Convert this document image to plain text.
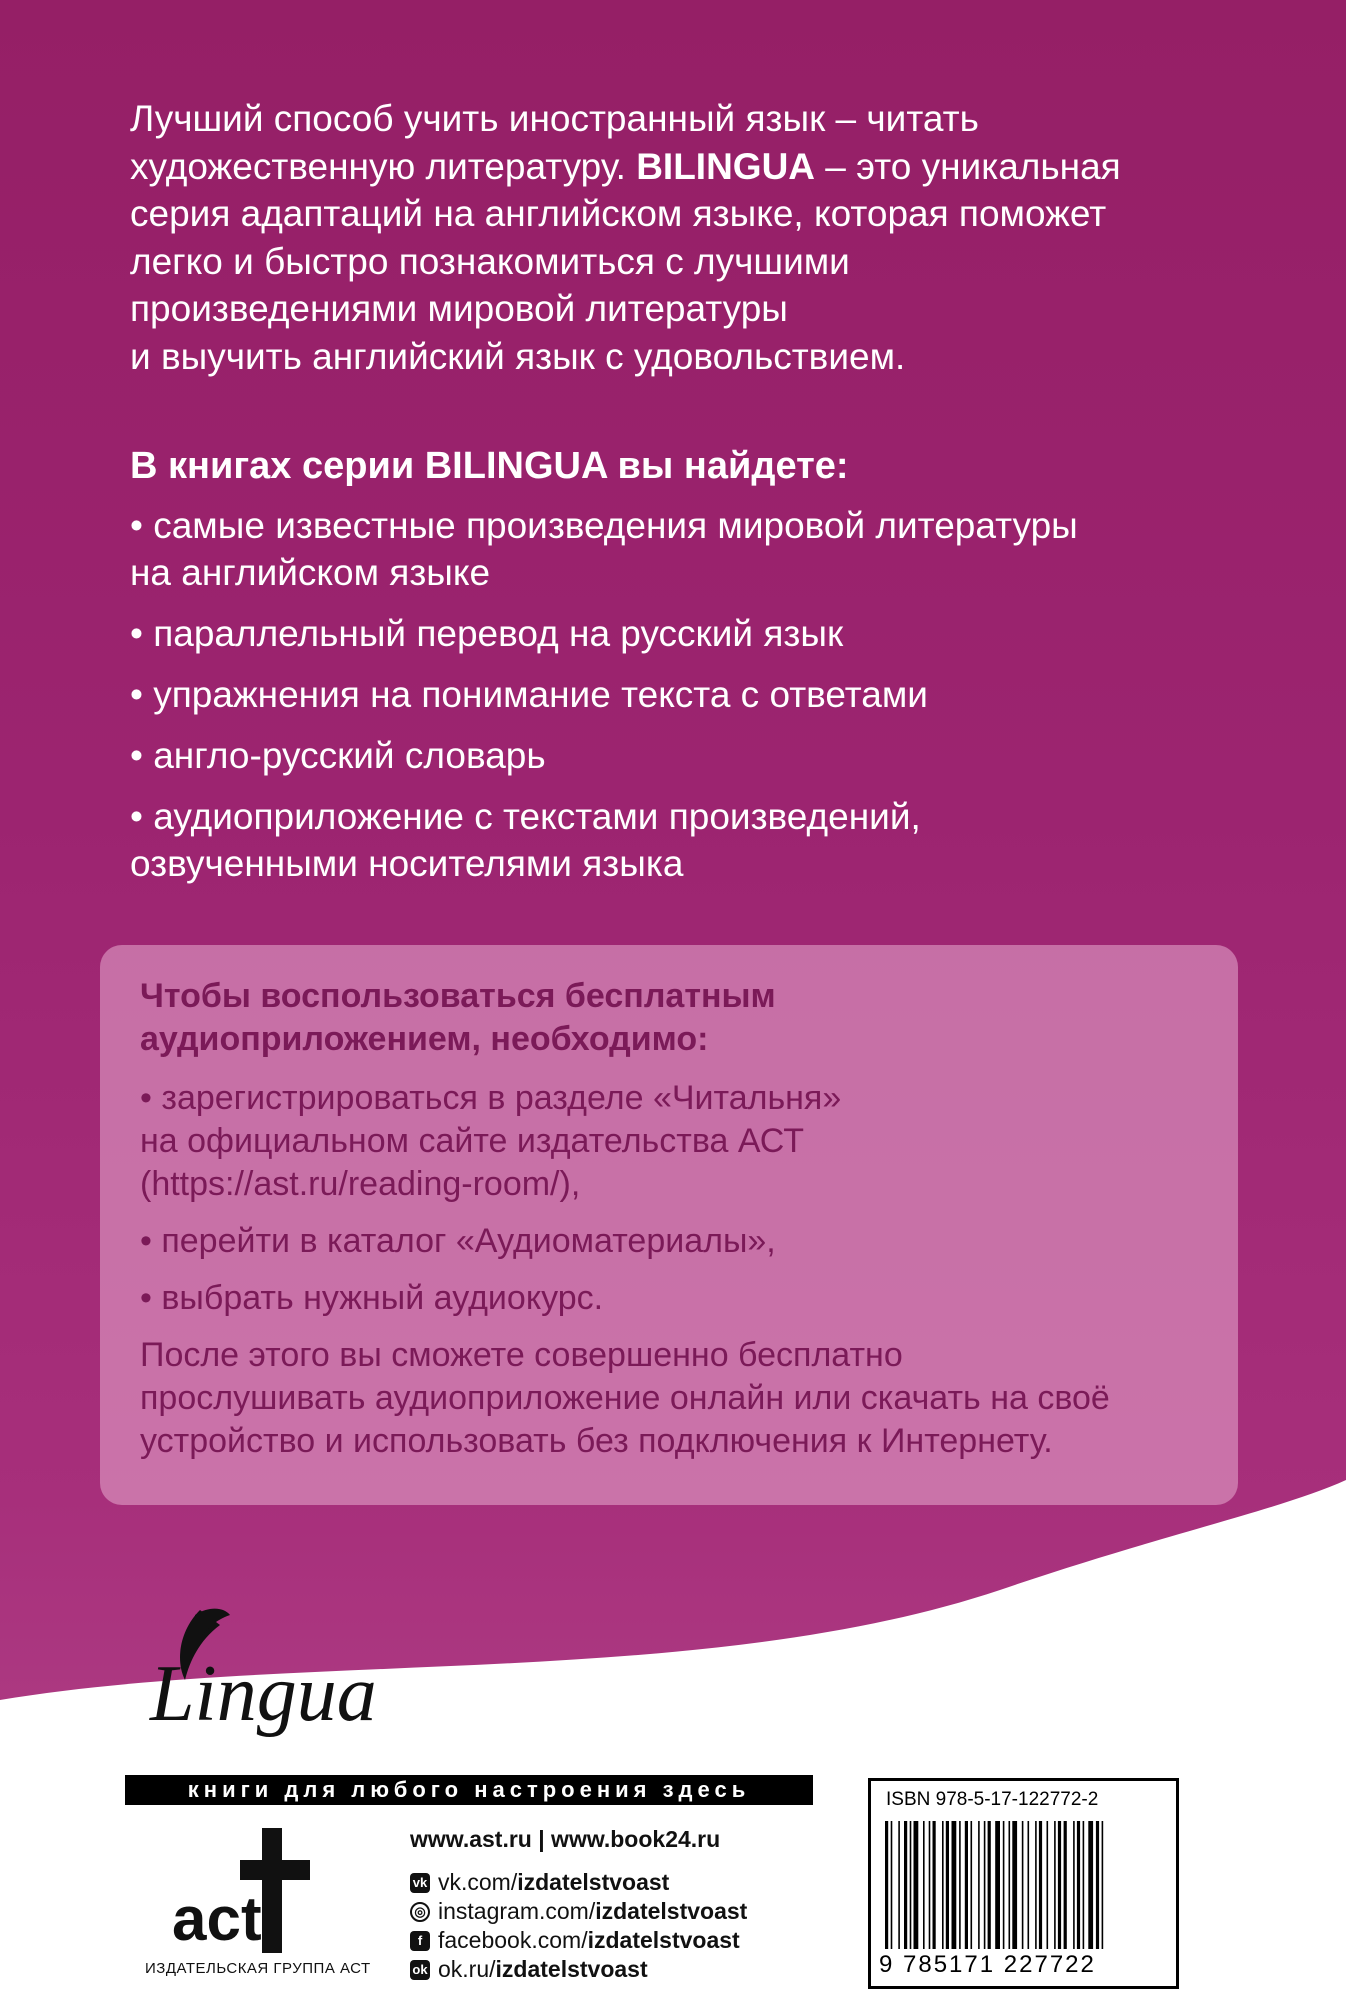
Лучший способ учить иностранный язык – читать
художественную литературу. BILINGUA – это уникальная
серия адаптаций на английском языке, которая поможет
легко и быстро познакомиться с лучшими
произведениями мировой литературы
и выучить английский язык с удовольствием.
В книгах серии BILINGUA вы найдете:
• самые известные произведения мировой литературы
на английском языке
• параллельный перевод на русский язык
• упражнения на понимание текста с ответами
• англо-русский словарь
• аудиоприложение с текстами произведений,
озвученными носителями языка
Чтобы воспользоваться бесплатным
аудиоприложением, необходимо:
• зарегистрироваться в разделе «Читальня»
на официальном сайте издательства АСТ
(https://ast.ru/reading-room/),
• перейти в каталог «Аудиоматериалы»,
• выбрать нужный аудиокурс.
После этого вы сможете совершенно бесплатно
прослушивать аудиоприложение онлайн или скачать на своё
устройство и использовать без подключения к Интернету.
Lingua
книги для любого настроения здесь
act
ИЗДАТЕЛЬСКАЯ ГРУППА АСТ
www.ast.ru | www.book24.ru
vk vk.com/ izdatelstvoast
◎ instagram.com/ izdatelstvoast
f facebook.com/ izdatelstvoast
ok ok.ru/ izdatelstvoast
ISBN 978-5-17-122772-2
9 785171 227722
